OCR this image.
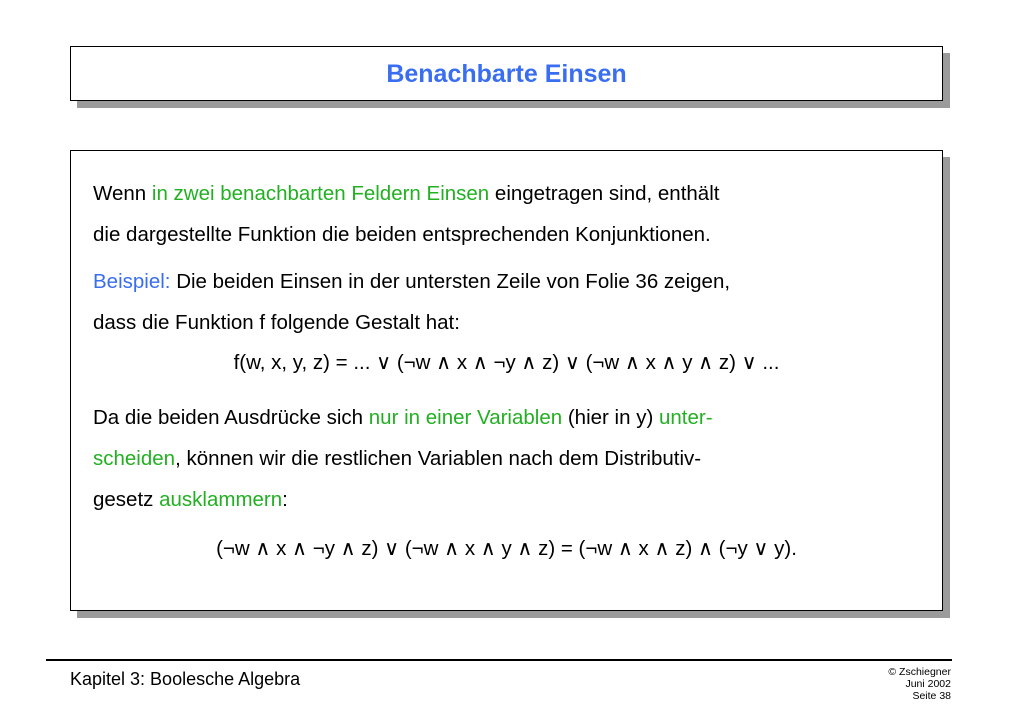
Benachbarte Einsen

Wenn in zwei benachbarten Feldern Einsen eingetragen sind, enthält
die dargestellte Funktion die beiden entsprechenden Konjunktionen.

Beispiel: Die beiden Einsen in der untersten Zeile von Folie 36 zeigen,
dass die Funktion f folgende Gestalt hat:

f(w, x, y, z) = ... ∨ (¬w ∧ x ∧ ¬y ∧ z) ∨ (¬w ∧ x ∧ y ∧ z) ∨ ...

Da die beiden Ausdrücke sich nur in einer Variablen (hier in y) unter-
scheiden, können wir die restlichen Variablen nach dem Distributiv-
gesetz ausklammern:

(¬w ∧ x ∧ ¬y ∧ z) ∨ (¬w ∧ x ∧ y ∧ z) = (¬w ∧ x ∧ z) ∧ (¬y ∨ y).

Kapitel 3: Boolesche Algebra	© Zschiegner
Juni 2002
Seite 38
